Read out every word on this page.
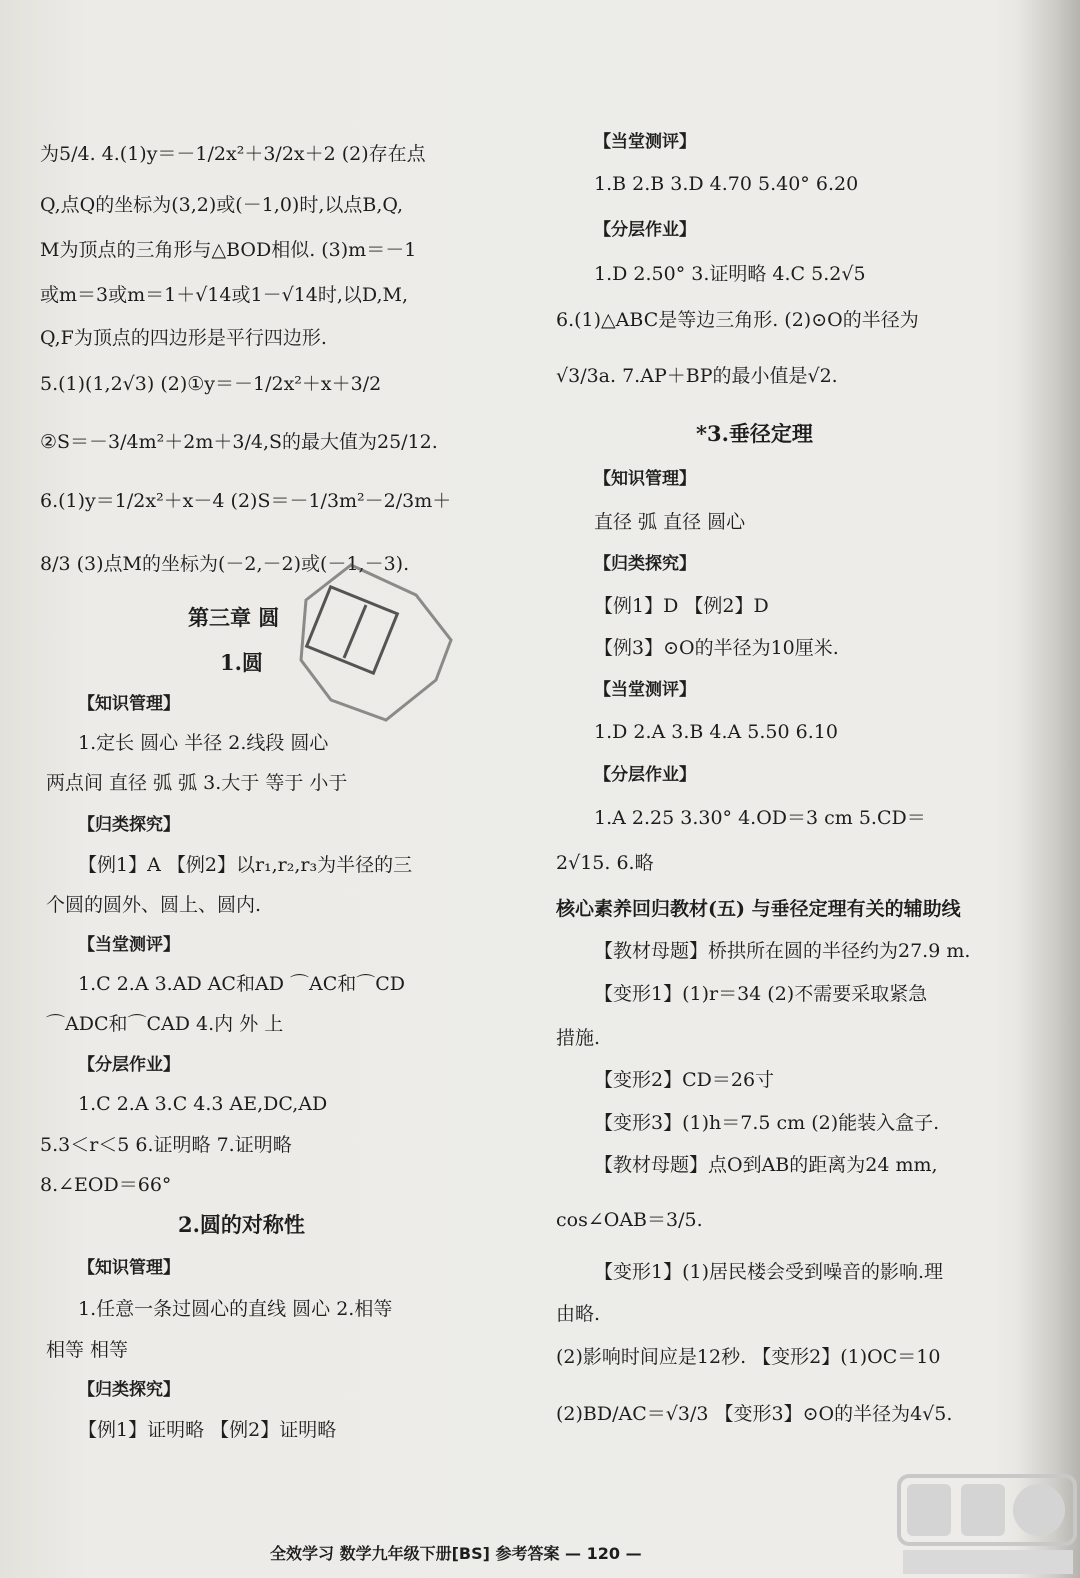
为5/4. 4.(1)y＝－1/2x²＋3/2x＋2 (2)存在点
Q,点Q的坐标为(3,2)或(－1,0)时,以点B,Q,
M为顶点的三角形与△BOD相似. (3)m＝－1
或m＝3或m＝1＋√14或1－√14时,以D,M,
Q,F为顶点的四边形是平行四边形.
5.(1)(1,2√3) (2)①y＝－1/2x²＋x＋3/2
②S＝－3/4m²＋2m＋3/4,S的最大值为25/12.
6.(1)y＝1/2x²＋x－4 (2)S＝－1/3m²－2/3m＋
8/3 (3)点M的坐标为(－2,－2)或(－1,－3).
第三章 圆
1.圆
【知识管理】
1.定长 圆心 半径 2.线段 圆心
两点间 直径 弧 弧 3.大于 等于 小于
【归类探究】
【例1】A 【例2】以r₁,r₂,r₃为半径的三
个圆的圆外、圆上、圆内.
【当堂测评】
1.C 2.A 3.AD AC和AD ⌒AC和⌒CD
⌒ADC和⌒CAD 4.内 外 上
【分层作业】
1.C 2.A 3.C 4.3 AE,DC,AD
5.3＜r＜5 6.证明略 7.证明略
8.∠EOD＝66°
2.圆的对称性
【知识管理】
1.任意一条过圆心的直线 圆心 2.相等
相等 相等
【归类探究】
【例1】证明略 【例2】证明略
【当堂测评】
1.B 2.B 3.D 4.70 5.40° 6.20
【分层作业】
1.D 2.50° 3.证明略 4.C 5.2√5
6.(1)△ABC是等边三角形. (2)⊙O的半径为
√3/3a. 7.AP＋BP的最小值是√2.
*3.垂径定理
【知识管理】
直径 弧 直径 圆心
【归类探究】
【例1】D 【例2】D
【例3】⊙O的半径为10厘米.
【当堂测评】
1.D 2.A 3.B 4.A 5.50 6.10
【分层作业】
1.A 2.25 3.30° 4.OD＝3 cm 5.CD＝
2√15. 6.略
核心素养回归教材(五) 与垂径定理有关的辅助线
【教材母题】桥拱所在圆的半径约为27.9 m.
【变形1】(1)r＝34 (2)不需要采取紧急
措施.
【变形2】CD＝26寸
【变形3】(1)h＝7.5 cm (2)能装入盒子.
【教材母题】点O到AB的距离为24 mm,
cos∠OAB＝3/5.
【变形1】(1)居民楼会受到噪音的影响.理
由略.
(2)影响时间应是12秒. 【变形2】(1)OC＝10
(2)BD/AC＝√3/3 【变形3】⊙O的半径为4√5.
全效学习 数学九年级下册[BS] 参考答案 — 120 —
